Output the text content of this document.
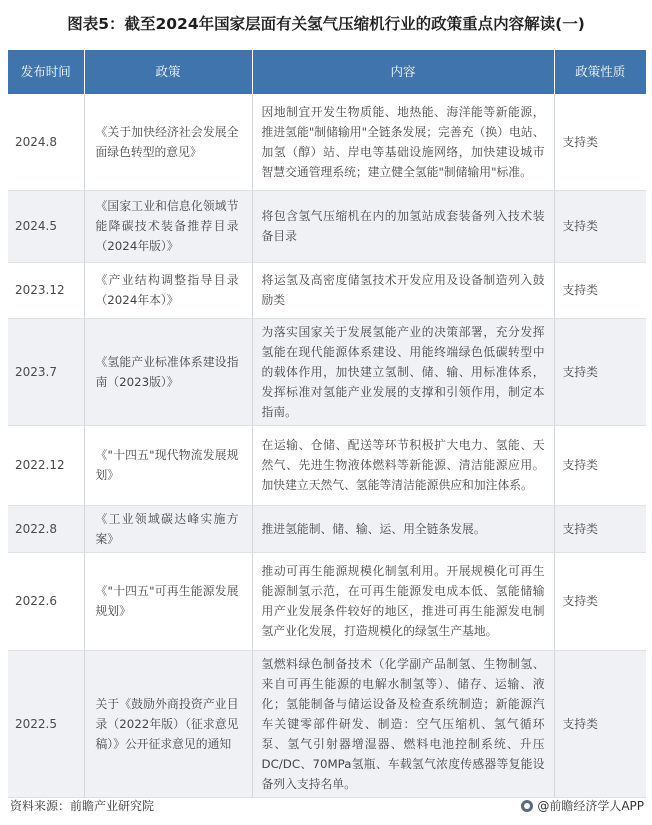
图表5：截至2024年国家层面有关氢气压缩机行业的政策重点内容解读(一)
发布时间	政策	内容	政策性质
2024.8	《关于加快经济社会发展全面绿色转型的意见》	因地制宜开发生物质能、地热能、海洋能等新能源，推进氢能"制储输用"全链条发展；完善充（换）电站、加氢（醇）站、岸电等基础设施网络，加快建设城市智慧交通管理系统；建立健全氢能"制储输用"标准。	支持类
2024.5	《国家工业和信息化领域节能降碳技术装备推荐目录（2024年版）》	将包含氢气压缩机在内的加氢站成套装备列入技术装备目录	支持类
2023.12	《产业结构调整指导目录（2024年本）》	将运氢及高密度储氢技术开发应用及设备制造列入鼓励类	支持类
2023.7	《氢能产业标准体系建设指南（2023版）》	为落实国家关于发展氢能产业的决策部署，充分发挥氢能在现代能源体系建设、用能终端绿色低碳转型中的载体作用，加快建立氢制、储、输、用标准体系，发挥标准对氢能产业发展的支撑和引领作用，制定本指南。	支持类
2022.12	《"十四五"现代物流发展规划》	在运输、仓储、配送等环节积极扩大电力、氢能、天然气、先进生物液体燃料等新能源、清洁能源应用。加快建立天然气、氢能等清洁能源供应和加注体系。	支持类
2022.8	《工业领域碳达峰实施方案》	推进氢能制、储、输、运、用全链条发展。	支持类
2022.6	《"十四五"可再生能源发展规划》	推动可再生能源规模化制氢利用。开展规模化可再生能源制氢示范，在可再生能源发电成本低、氢能储输用产业发展条件较好的地区，推进可再生能源发电制氢产业化发展，打造规模化的绿氢生产基地。	支持类
2022.5	关于《鼓励外商投资产业目录（2022年版）（征求意见稿）》公开征求意见的通知	氢燃料绿色制备技术（化学副产品制氢、生物制氢、来自可再生能源的电解水制氢等）、储存、运输、液化；氢能制备与储运设备及检查系统制造；新能源汽车关键零部件研发、制造：空气压缩机、氢气循环泵、氢气引射器增湿器、燃料电池控制系统、升压 DC/DC、70MPa氢瓶、车载氢气浓度传感器等复能设备列入支持名单。	支持类
资料来源：前瞻产业研究院	@前瞻经济学人APP
